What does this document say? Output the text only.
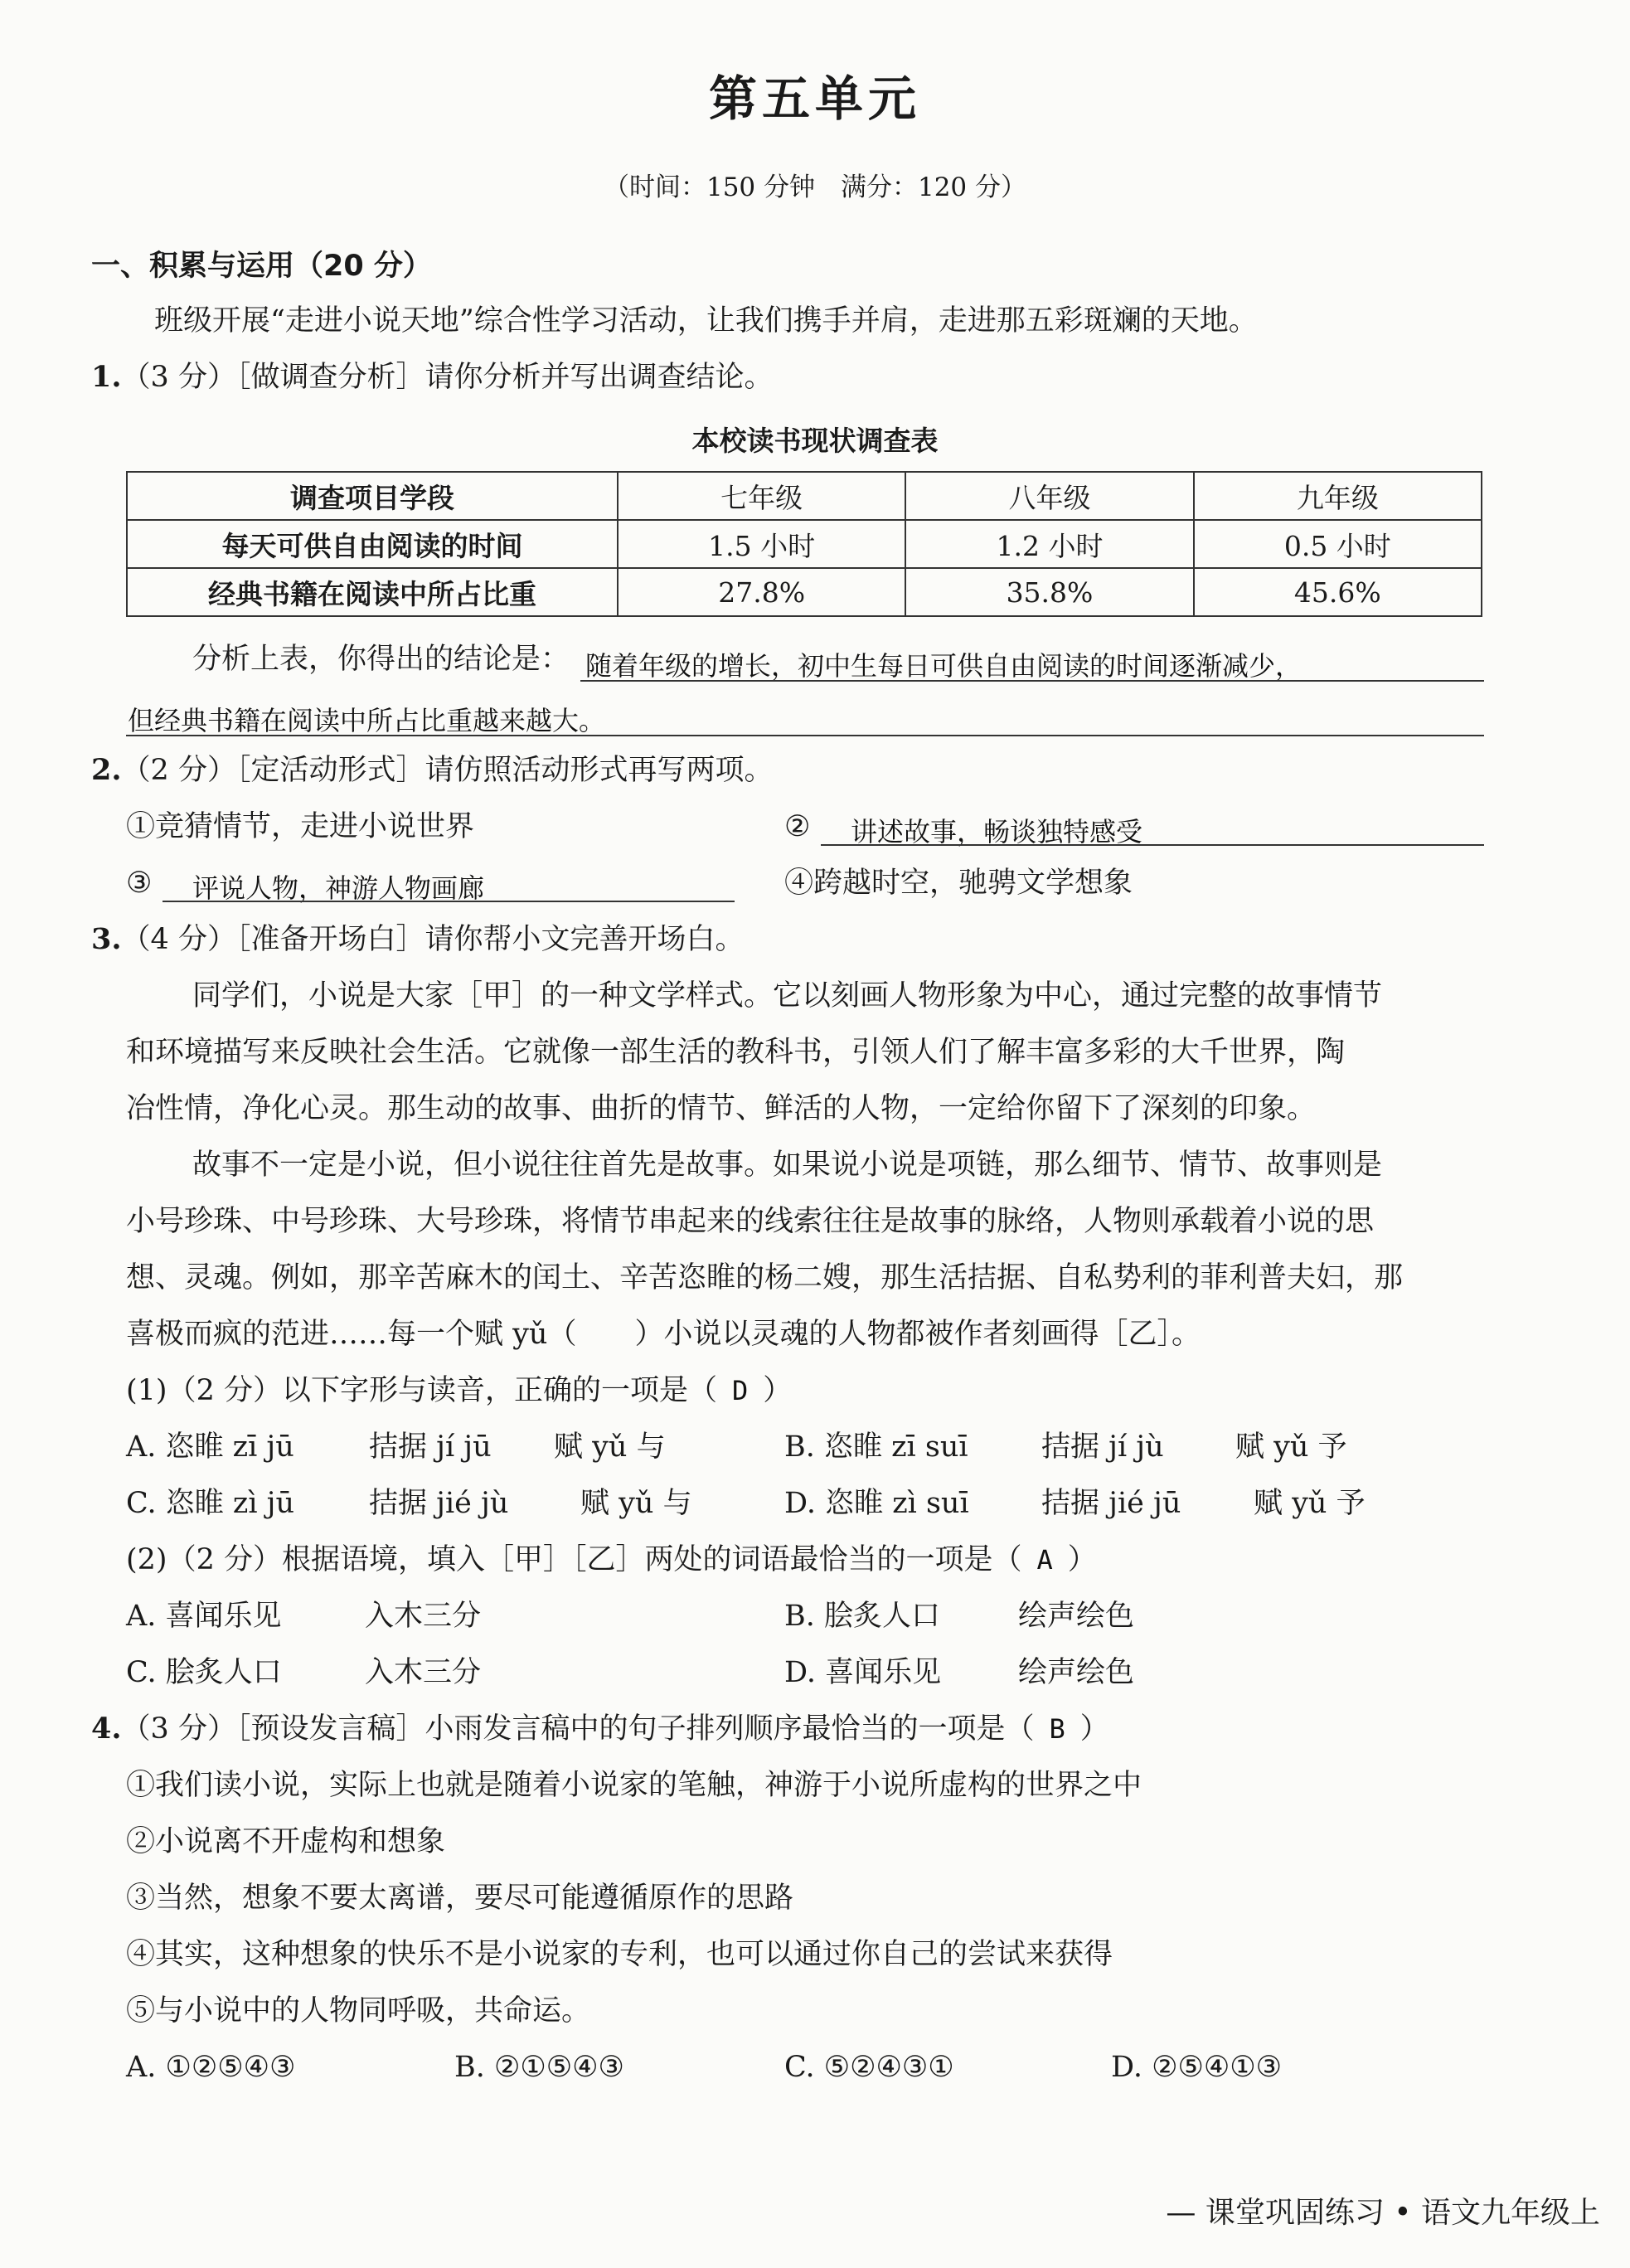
第五单元
（时间：150 分钟　满分：120 分）
一、积累与运用（20 分）
班级开展“走进小说天地”综合性学习活动，让我们携手并肩，走进那五彩斑斓的天地。
1.（3 分）［做调查分析］请你分析并写出调查结论。
本校读书现状调查表
调查项目学段	七年级	八年级	九年级
每天可供自由阅读的时间	1.5 小时	1.2 小时	0.5 小时
经典书籍在阅读中所占比重	27.8%	35.8%	45.6%
分析上表，你得出的结论是： 随着年级的增长，初中生每日可供自由阅读的时间逐渐减少，
但经典书籍在阅读中所占比重越来越大。
2.（2 分）［定活动形式］请仿照活动形式再写两项。
①竞猜情节，走进小说世界	② 讲述故事，畅谈独特感受
③ 评说人物，神游人物画廊	④跨越时空，驰骋文学想象
3.（4 分）［准备开场白］请你帮小文完善开场白。
同学们，小说是大家［甲］的一种文学样式。它以刻画人物形象为中心，通过完整的故事情节
和环境描写来反映社会生活。它就像一部生活的教科书，引领人们了解丰富多彩的大千世界，陶
冶性情，净化心灵。那生动的故事、曲折的情节、鲜活的人物，一定给你留下了深刻的印象。
故事不一定是小说，但小说往往首先是故事。如果说小说是项链，那么细节、情节、故事则是
小号珍珠、中号珍珠、大号珍珠，将情节串起来的线索往往是故事的脉络，人物则承载着小说的思
想、灵魂。例如，那辛苦麻木的闰土、辛苦恣睢的杨二嫂，那生活拮据、自私势利的菲利普夫妇，那
喜极而疯的范进……每一个赋 yǔ（　　）小说以灵魂的人物都被作者刻画得［乙］。
(1)（2 分）以下字形与读音，正确的一项是（ D ）
A. 恣睢 zī jū	拮据 jí jū 赋 yǔ 与	B. 恣睢 zī suī	拮据 jí jù 赋 yǔ 予
C. 恣睢 zì jū	拮据 jié jù 赋 yǔ 与	D. 恣睢 zì suī 拮据 jié jū	赋 yǔ 予
(2)（2 分）根据语境，填入［甲］［乙］两处的词语最恰当的一项是（ A ）
A. 喜闻乐见	入木三分	B. 脍炙人口	绘声绘色
C. 脍炙人口	入木三分	D. 喜闻乐见	绘声绘色
4.（3 分）［预设发言稿］小雨发言稿中的句子排列顺序最恰当的一项是（ B ）
①我们读小说，实际上也就是随着小说家的笔触，神游于小说所虚构的世界之中
②小说离不开虚构和想象
③当然，想象不要太离谱，要尽可能遵循原作的思路
④其实，这种想象的快乐不是小说家的专利，也可以通过你自己的尝试来获得
⑤与小说中的人物同呼吸，共命运。
A. ①②⑤④③	B. ②①⑤④③	C. ⑤②④③①	D. ②⑤④①③
— 课堂巩固练习 • 语文九年级上
